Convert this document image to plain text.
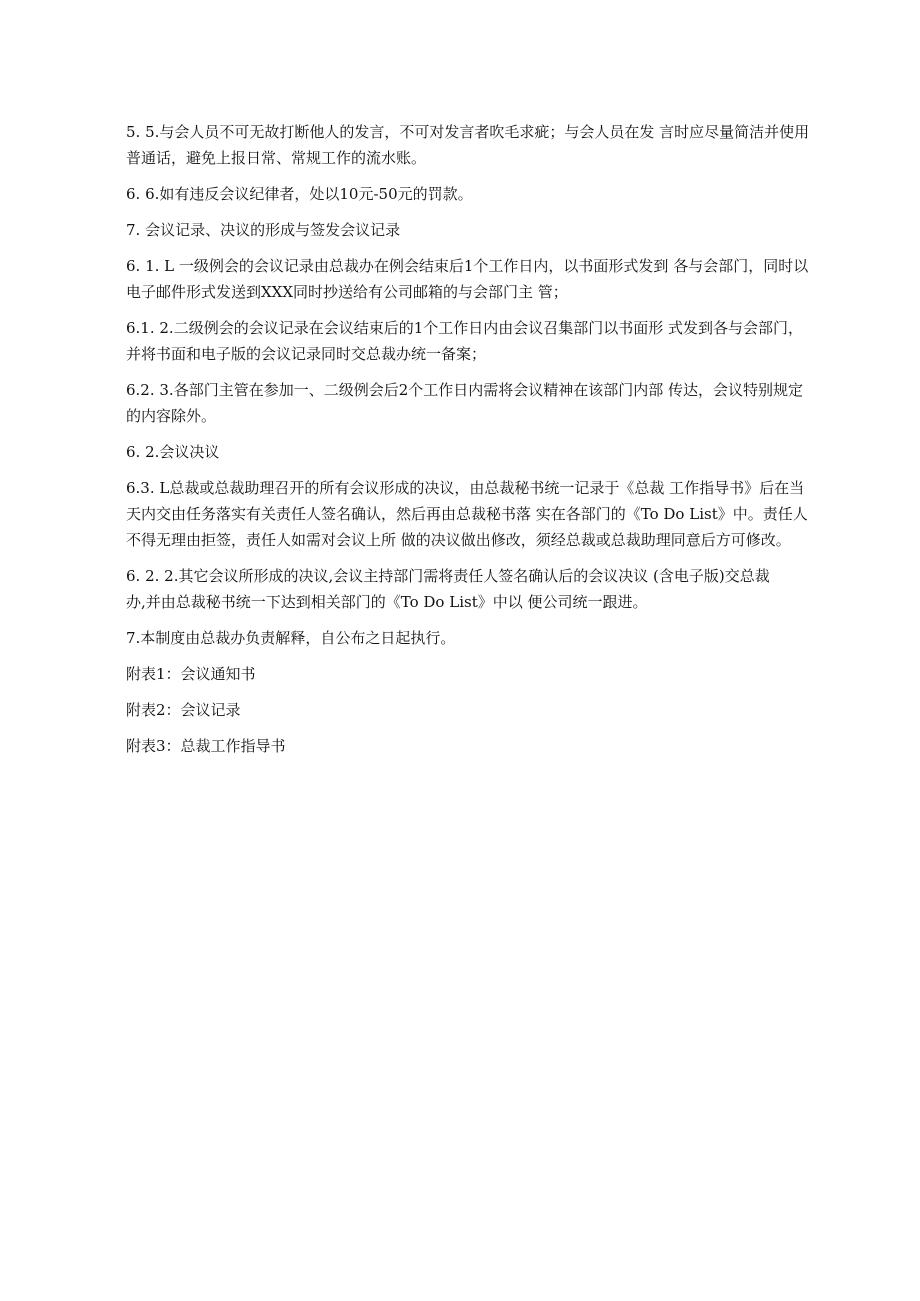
5. 5.与会人员不可无故打断他人的发言，不可对发言者吹毛求疵；与会人员在发 言时应尽量简洁并使用
普通话，避免上报日常、常规工作的流水账。

6. 6.如有违反会议纪律者，处以10元-50元的罚款。

7. 会议记录、决议的形成与签发会议记录

6. 1. L 一级例会的会议记录由总裁办在例会结束后1个工作日内，以书面形式发到 各与会部门，同时以
电子邮件形式发送到XXX同时抄送给有公司邮箱的与会部门主 管；

6.1. 2.二级例会的会议记录在会议结束后的1个工作日内由会议召集部门以书面形 式发到各与会部门，
并将书面和电子版的会议记录同时交总裁办统一备案；

6.2. 3.各部门主管在参加一、二级例会后2个工作日内需将会议精神在该部门内部 传达，会议特别规定
的内容除外。

6. 2.会议决议

6.3. L总裁或总裁助理召开的所有会议形成的决议，由总裁秘书统一记录于《总裁 工作指导书》后在当
天内交由任务落实有关责任人签名确认，然后再由总裁秘书落 实在各部门的《To Do List》中。责任人
不得无理由拒签，责任人如需对会议上所 做的决议做出修改，须经总裁或总裁助理同意后方可修改。

6. 2. 2.其它会议所形成的决议,会议主持部门需将责任人签名确认后的会议决议 (含电子版)交总裁
办,并由总裁秘书统一下达到相关部门的《To Do List》中以 便公司统一跟进。

7.本制度由总裁办负责解释，自公布之日起执行。

附表1：会议通知书

附表2：会议记录

附表3：总裁工作指导书
